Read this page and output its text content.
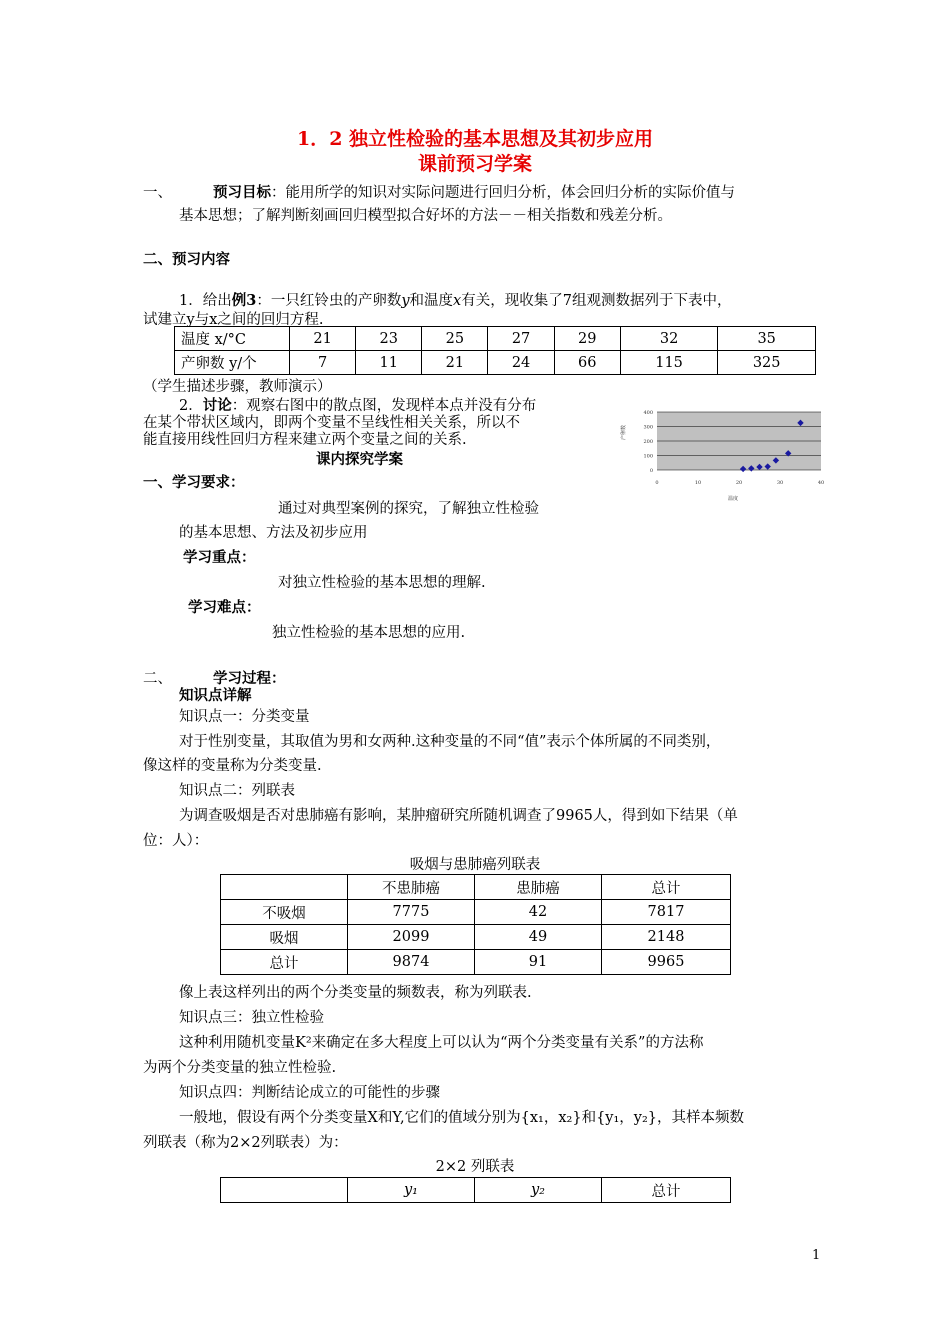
1．2 独立性检验的基本思想及其初步应用
课前预习学案
一、	预习目标：能用所学的知识对实际问题进行回归分析，体会回归分析的实际价值与
基本思想；了解判断刻画回归模型拟合好坏的方法－－相关指数和残差分析。
二、预习内容
1．给出例3：一只红铃虫的产卵数y和温度x有关，现收集了7组观测数据列于下表中，
试建立y与x之间的回归方程.
温度 x/°C	21	23	25	27	29	32	35
产卵数 y/个	7	11	21	24	66	115	325
（学生描述步骤，教师演示）
2．讨论：观察右图中的散点图，发现样本点并没有分布
在某个带状区域内，即两个变量不呈线性相关关系，所以不
能直接用线性回归方程来建立两个变量之间的关系.
400
300
200
100
0
0	10	20	30	40
产卵数
温度
课内探究学案
一、学习要求：
通过对典型案例的探究，了解独立性检验
的基本思想、方法及初步应用
学习重点：
对独立性检验的基本思想的理解.
学习难点：
独立性检验的基本思想的应用.
二、	学习过程：
知识点详解
知识点一：分类变量
对于性别变量，其取值为男和女两种.这种变量的不同“值”表示个体所属的不同类别，
像这样的变量称为分类变量.
知识点二：列联表
为调查吸烟是否对患肺癌有影响，某肿瘤研究所随机调查了9965人，得到如下结果（单
位：人）：
吸烟与患肺癌列联表
	不患肺癌	患肺癌	总计
不吸烟	7775	42	7817
吸烟	2099	49	2148
总计	9874	91	9965
像上表这样列出的两个分类变量的频数表，称为列联表.
知识点三：独立性检验
这种利用随机变量K²来确定在多大程度上可以认为“两个分类变量有关系”的方法称
为两个分类变量的独立性检验.
知识点四：判断结论成立的可能性的步骤
一般地，假设有两个分类变量X和Y,它们的值域分别为{x₁，x₂}和{y₁，y₂}，其样本频数
列联表（称为2×2列联表）为：
2×2 列联表
	y₁	y₂	总计
1
